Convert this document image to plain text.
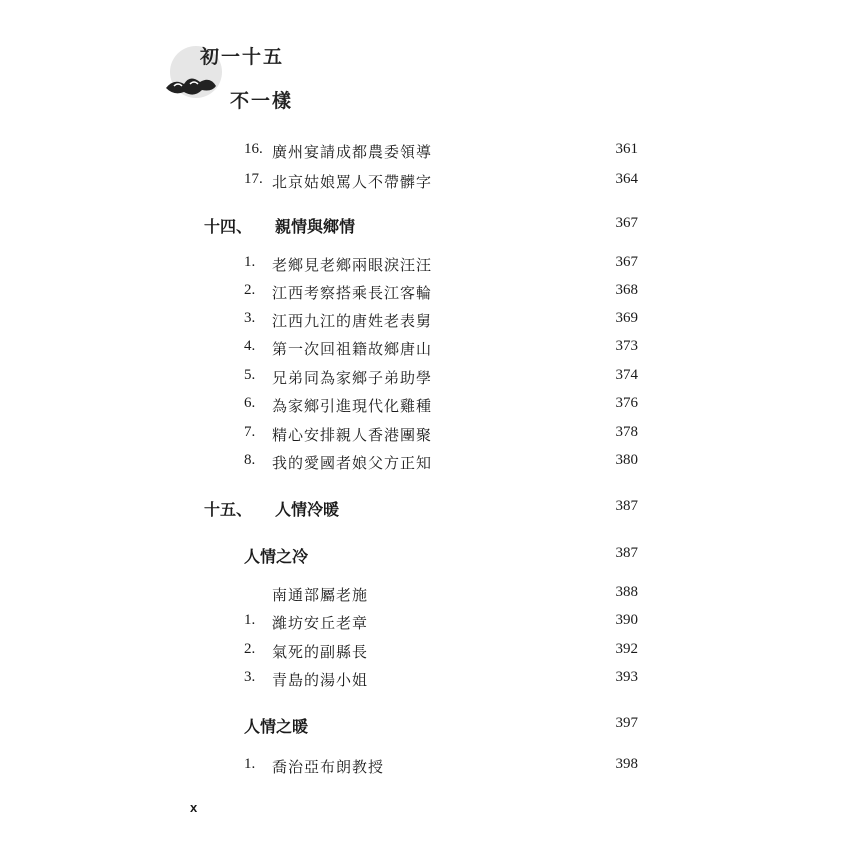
初一十五
不一樣
16. 廣州宴請成都農委領導	361
17. 北京姑娘罵人不帶髒字	364
十四、 親情與鄉情	367
1.	老鄉見老鄉兩眼淚汪汪	367
2.	江西考察搭乘長江客輪	368
3.	江西九江的唐姓老表舅	369
4.	第一次回祖籍故鄉唐山	373
5.	兄弟同為家鄉子弟助學	374
6.	為家鄉引進現代化雞種	376
7.	精心安排親人香港團聚	378
8.	我的愛國者娘父方正知	380
十五、 人情冷暖	387
人情之冷	387
南通部屬老施	388
1.	濰坊安丘老章	390
2.	氣死的副縣長	392
3.	青島的湯小姐	393
人情之暖	397
1.	喬治亞布朗教授	398
x
